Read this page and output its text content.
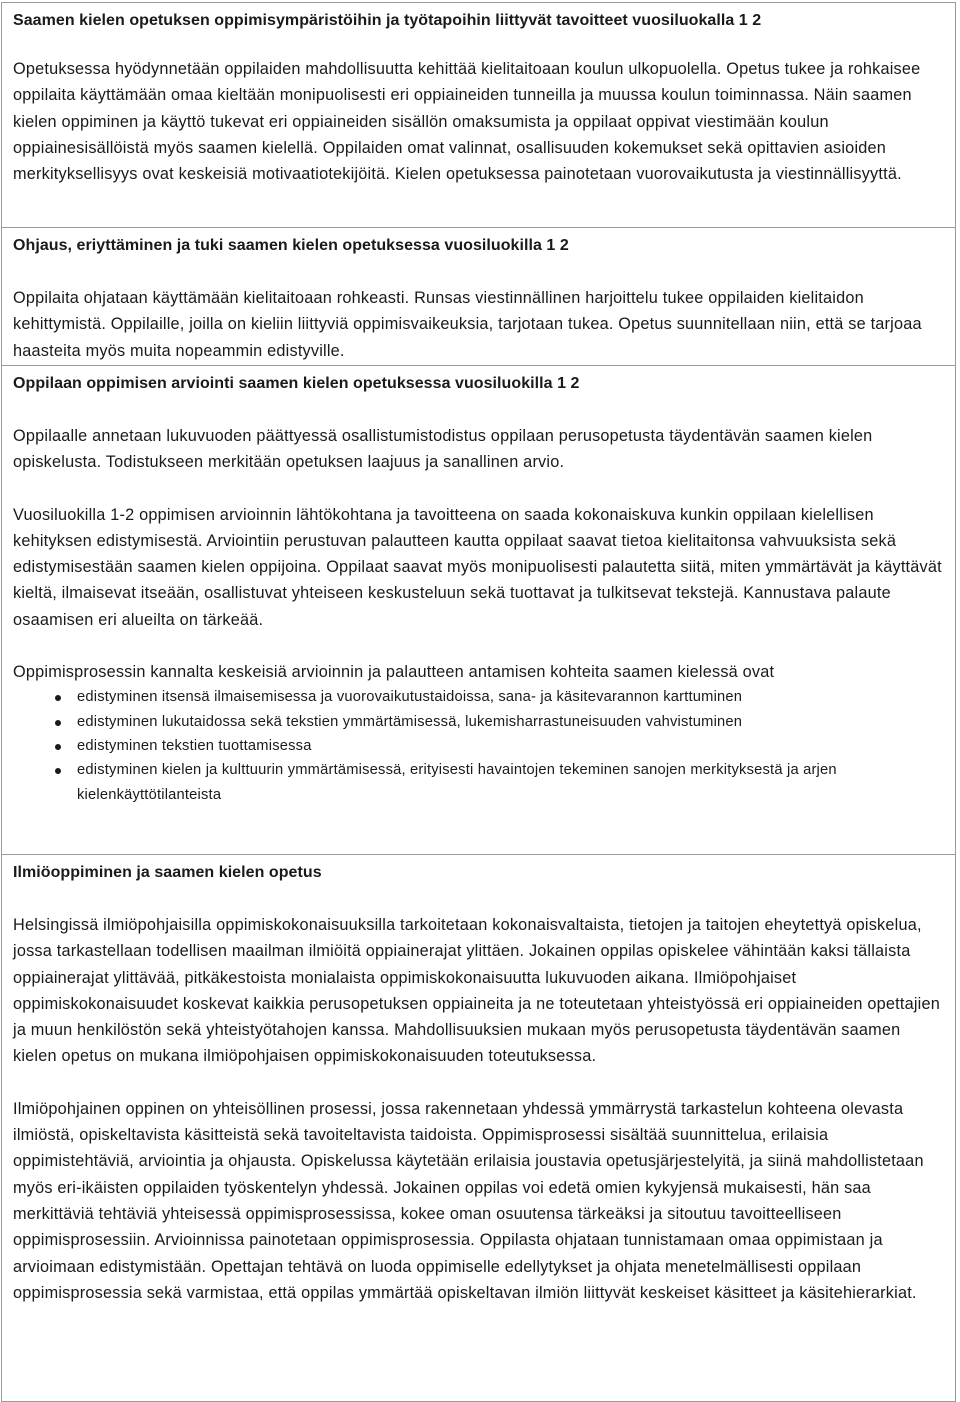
Saamen kielen opetuksen oppimisympäristöihin ja työtapoihin liittyvät tavoitteet vuosiluokalla 1 2

Opetuksessa hyödynnetään oppilaiden mahdollisuutta kehittää kielitaitoaan koulun ulkopuolella. Opetus tukee ja rohkaisee oppilaita käyttämään omaa kieltään monipuolisesti eri oppiaineiden tunneilla ja muussa koulun toiminnassa. Näin saamen kielen oppiminen ja käyttö tukevat eri oppiaineiden sisällön omaksumista ja oppilaat oppivat viestimään koulun oppiainesisällöistä myös saamen kielellä. Oppilaiden omat valinnat, osallisuuden kokemukset sekä opittavien asioiden merkityksellisyys ovat keskeisiä motivaatiotekijöitä. Kielen opetuksessa painotetaan vuorovaikutusta ja viestinnällisyyttä.

Ohjaus, eriyttäminen ja tuki saamen kielen opetuksessa vuosiluokilla 1 2

Oppilaita ohjataan käyttämään kielitaitoaan rohkeasti. Runsas viestinnällinen harjoittelu tukee oppilaiden kielitaidon kehittymistä. Oppilaille, joilla on kieliin liittyviä oppimisvaikeuksia, tarjotaan tukea. Opetus suunnitellaan niin, että se tarjoaa haasteita myös muita nopeammin edistyville.

Oppilaan oppimisen arviointi saamen kielen opetuksessa vuosiluokilla 1 2

Oppilaalle annetaan lukuvuoden päättyessä osallistumistodistus oppilaan perusopetusta täydentävän saamen kielen opiskelusta. Todistukseen merkitään opetuksen laajuus ja sanallinen arvio.

Vuosiluokilla 1-2 oppimisen arvioinnin lähtökohtana ja tavoitteena on saada kokonaiskuva kunkin oppilaan kielellisen kehityksen edistymisestä. Arviointiin perustuvan palautteen kautta oppilaat saavat tietoa kielitaitonsa vahvuuksista sekä edistymisestään saamen kielen oppijoina. Oppilaat saavat myös monipuolisesti palautetta siitä, miten ymmärtävät ja käyttävät kieltä, ilmaisevat itseään, osallistuvat yhteiseen keskusteluun sekä tuottavat ja tulkitsevat tekstejä. Kannustava palaute osaamisen eri alueilta on tärkeää.

Oppimisprosessin kannalta keskeisiä arvioinnin ja palautteen antamisen kohteita saamen kielessä ovat

edistyminen itsensä ilmaisemisessa ja vuorovaikutustaidoissa, sana- ja käsitevarannon karttuminen
edistyminen lukutaidossa sekä tekstien ymmärtämisessä, lukemisharrastuneisuuden vahvistuminen
edistyminen tekstien tuottamisessa
edistyminen kielen ja kulttuurin ymmärtämisessä, erityisesti havaintojen tekeminen sanojen merkityksestä ja arjen kielenkäyttötilanteista
Ilmiöoppiminen ja saamen kielen opetus

Helsingissä ilmiöpohjaisilla oppimiskokonaisuuksilla tarkoitetaan kokonaisvaltaista, tietojen ja taitojen eheytettyä opiskelua, jossa tarkastellaan todellisen maailman ilmiöitä oppiainerajat ylittäen. Jokainen oppilas opiskelee vähintään kaksi tällaista oppiainerajat ylittävää, pitkäkestoista monialaista oppimiskokonaisuutta lukuvuoden aikana. Ilmiöpohjaiset oppimiskokonaisuudet koskevat kaikkia perusopetuksen oppiaineita ja ne toteutetaan yhteistyössä eri oppiaineiden opettajien ja muun henkilöstön sekä yhteistyötahojen kanssa. Mahdollisuuksien mukaan myös perusopetusta täydentävän saamen kielen opetus on mukana ilmiöpohjaisen oppimiskokonaisuuden toteutuksessa.

Ilmiöpohjainen oppinen on yhteisöllinen prosessi, jossa rakennetaan yhdessä ymmärrystä tarkastelun kohteena olevasta ilmiöstä, opiskeltavista käsitteistä sekä tavoiteltavista taidoista. Oppimisprosessi sisältää suunnittelua, erilaisia oppimistehtäviä, arviointia ja ohjausta. Opiskelussa käytetään erilaisia joustavia opetusjärjestelyitä, ja siinä mahdollistetaan myös eri-ikäisten oppilaiden työskentelyn yhdessä. Jokainen oppilas voi edetä omien kykyjensä mukaisesti, hän saa merkittäviä tehtäviä yhteisessä oppimisprosessissa, kokee oman osuutensa tärkeäksi ja sitoutuu tavoitteelliseen oppimisprosessiin. Arvioinnissa painotetaan oppimisprosessia. Oppilasta ohjataan tunnistamaan omaa oppimistaan ja arvioimaan edistymistään. Opettajan tehtävä on luoda oppimiselle edellytykset ja ohjata menetelmällisesti oppilaan oppimisprosessia sekä varmistaa, että oppilas ymmärtää opiskeltavan ilmiön liittyvät keskeiset käsitteet ja käsitehierarkiat.
